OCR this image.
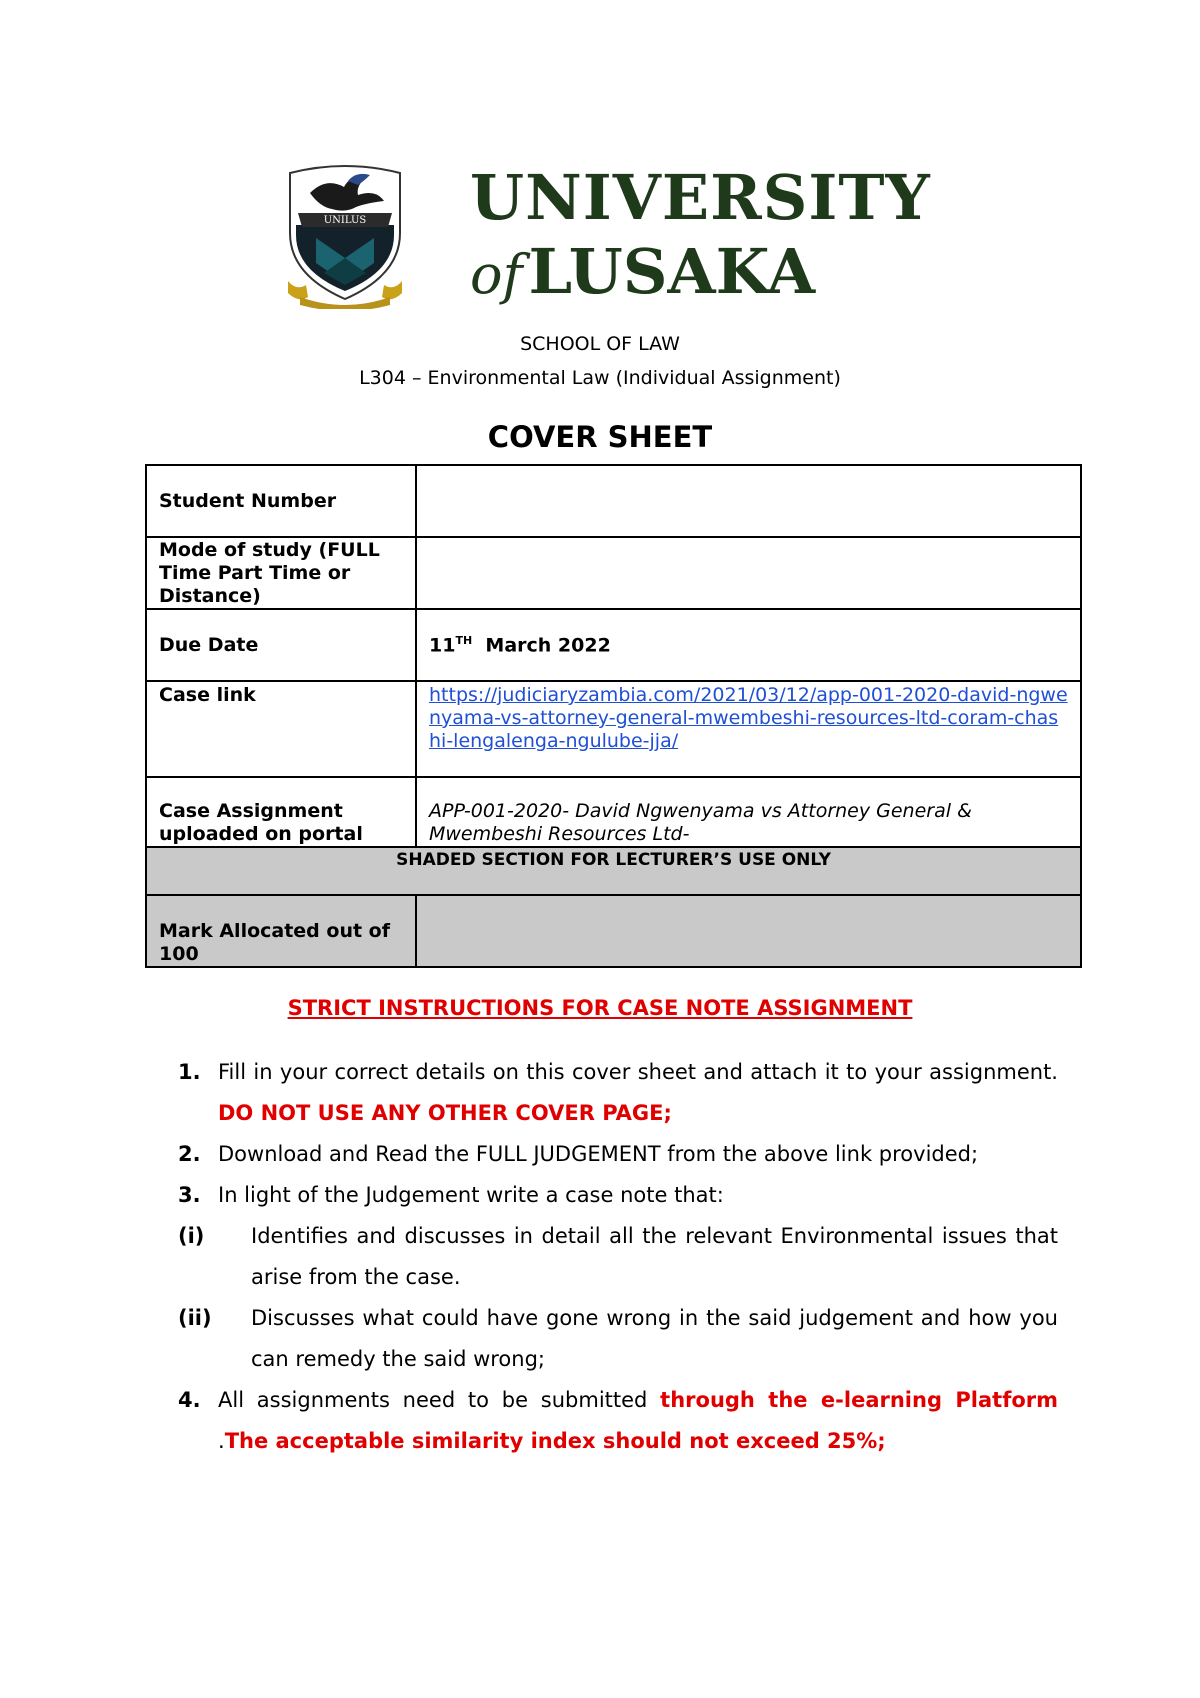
UNILUS UNIVERSITY
ofLUSAKA
SCHOOL OF LAW
L304 – Environmental Law (Individual Assignment)
COVER SHEET
Student Number	
Mode of study (FULL Time Part Time or Distance)	
Due Date	11TH March 2022
Case link	https://judiciaryzambia.com/2021/03/12/app-001-2020-david-ngwenyama-vs-attorney-general-mwembeshi-resources-ltd-coram-chashi-lengalenga-ngulube-jja/
Case Assignment uploaded on portal	APP-001-2020- David Ngwenyama vs Attorney General & Mwembeshi Resources Ltd-
SHADED SECTION FOR LECTURER’S USE ONLY	
Mark Allocated out of 100	
STRICT INSTRUCTIONS FOR CASE NOTE ASSIGNMENT
1. Fill in your correct details on this cover sheet and attach it to your assignment. DO NOT USE ANY OTHER COVER PAGE;
2. Download and Read the FULL JUDGEMENT from the above link provided;
3. In light of the Judgement write a case note that:
(i) Identifies and discusses in detail all the relevant Environmental issues that arise from the case.
(ii) Discusses what could have gone wrong in the said judgement and how you can remedy the said wrong;
4. All assignments need to be submitted through the e-learning Platform .The acceptable similarity index should not exceed 25%;
